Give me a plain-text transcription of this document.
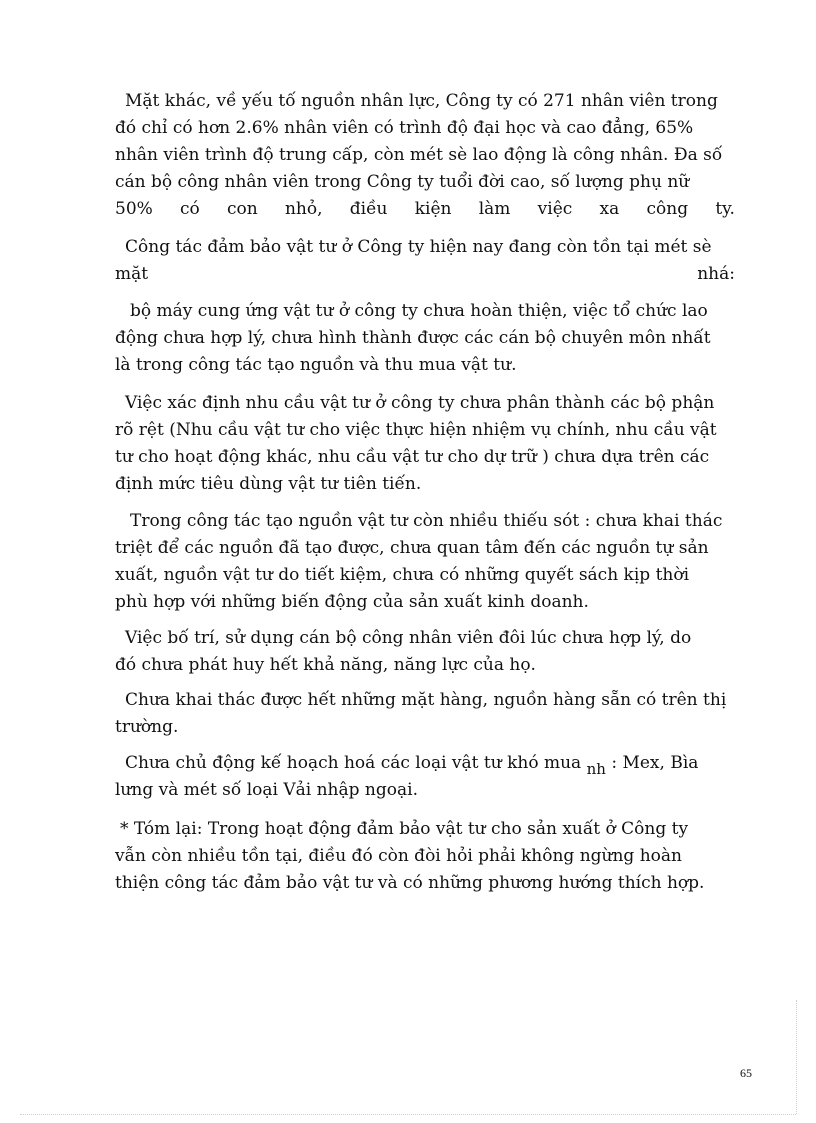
Mặt khác, về yếu tố nguồn nhân lực, Công ty có 271 nhân viên trong
đó chỉ có hơn 2.6% nhân viên có trình độ đại học và cao đẳng, 65%
nhân viên trình độ trung cấp, còn mét sè lao động là công nhân. Đa số
cán bộ công nhân viên trong Công ty tuổi đời cao, số lượng phụ nữ
50% có con nhỏ, điều kiện làm việc xa công ty.
Công tác đảm bảo vật tư ở Công ty hiện nay đang còn tồn tại mét sè
mặt	nhá:
bộ máy cung ứng vật tư ở công ty chưa hoàn thiện, việc tổ chức lao
động chưa hợp lý, chưa hình thành được các cán bộ chuyên môn nhất
là trong công tác tạo nguồn và thu mua vật tư.
Việc xác định nhu cầu vật tư ở công ty chưa phân thành các bộ phận
rõ rệt (Nhu cầu vật tư cho việc thực hiện nhiệm vụ chính, nhu cầu vật
tư cho hoạt động khác, nhu cầu vật tư cho dự trữ ) chưa dựa trên các
định mức tiêu dùng vật tư tiên tiến.
Trong công tác tạo nguồn vật tư còn nhiều thiếu sót : chưa khai thác
triệt để các nguồn đã tạo được, chưa quan tâm đến các nguồn tự sản
xuất, nguồn vật tư do tiết kiệm, chưa có những quyết sách kịp thời
phù hợp với những biến động của sản xuất kinh doanh.
Việc bố trí, sử dụng cán bộ công nhân viên đôi lúc chưa hợp lý, do
đó chưa phát huy hết khả năng, năng lực của họ.
Chưa khai thác được hết những mặt hàng, nguồn hàng sẵn có trên thị
trường.
Chưa chủ động kế hoạch hoá các loại vật tư khó mua nh : Mex, Bìa
lưng và mét số loại Vải nhập ngoại.
* Tóm lại: Trong hoạt động đảm bảo vật tư cho sản xuất ở Công ty
vẫn còn nhiều tồn tại, điều đó còn đòi hỏi phải không ngừng hoàn
thiện công tác đảm bảo vật tư và có những phương hướng thích hợp.
65
